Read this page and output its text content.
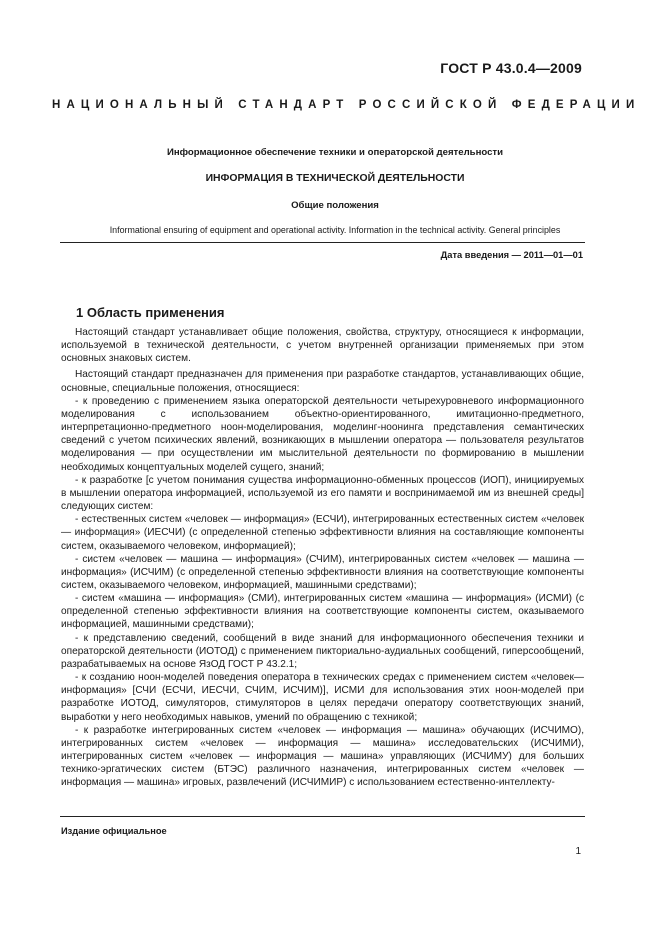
ГОСТ Р 43.0.4—2009
НАЦИОНАЛЬНЫЙ СТАНДАРТ РОССИЙСКОЙ ФЕДЕРАЦИИ
Информационное обеспечение техники и операторской деятельности
ИНФОРМАЦИЯ В ТЕХНИЧЕСКОЙ ДЕЯТЕЛЬНОСТИ
Общие положения
Informational ensuring of equipment and operational activity. Information in the technical activity. General principles
Дата введения — 2011—01—01
1 Область применения

Настоящий стандарт устанавливает общие положения, свойства, структуру, относящиеся к информации, используемой в технической деятельности, с учетом внутренней организации применяемых при этом основных знаковых систем.

Настоящий стандарт предназначен для применения при разработке стандартов, устанавливающих общие, основные, специальные положения, относящиеся:

- к проведению с применением языка операторской деятельности четырехуровневого информационного моделирования с использованием объектно-ориентированного, имитационно-предметного, интерпретационно-предметного ноон-моделирования, моделинг-ноонинга представления семантических сведений с учетом психических явлений, возникающих в мышлении оператора — пользователя результатов моделирования — при осуществлении им мыслительной деятельности по формированию в мышлении необходимых концептуальных моделей сущего, знаний;

- к разработке [с учетом понимания существа информационно-обменных процессов (ИОП), инициируемых в мышлении оператора информацией, используемой из его памяти и воспринимаемой им из внешней среды] следующих систем:

- естественных систем «человек — информация» (ЕСЧИ), интегрированных естественных систем «человек — информация» (ИЕСЧИ) (с определенной степенью эффективности влияния на составляющие компоненты систем, оказываемого человеком, информацией);

- систем «человек — машина — информация» (СЧИМ), интегрированных систем «человек — машина — информация» (ИСЧИМ) (с определенной степенью эффективности влияния на соответствующие компоненты систем, оказываемого человеком, информацией, машинными средствами);

- систем «машина — информация» (СМИ), интегрированных систем «машина — информация» (ИСМИ) (с определенной степенью эффективности влияния на соответствующие компоненты систем, оказываемого информацией, машинными средствами);

- к представлению сведений, сообщений в виде знаний для информационного обеспечения техники и операторской деятельности (ИОТОД) с применением пикториально-аудиальных сообщений, гиперсообщений, разрабатываемых на основе ЯзОД ГОСТ Р 43.2.1;

- к созданию ноон-моделей поведения оператора в технических средах с применением систем «человек—информация» [СЧИ (ЕСЧИ, ИЕСЧИ, СЧИМ, ИСЧИМ)], ИСМИ для использования этих ноон-моделей при разработке ИОТОД, симуляторов, стимуляторов в целях передачи оператору соответствующих знаний, выработки у него необходимых навыков, умений по обращению с техникой;

- к разработке интегрированных систем «человек — информация — машина» обучающих (ИСЧИМО), интегрированных систем «человек — информация — машина» исследовательских (ИСЧИМИ), интегрированных систем «человек — информация — машина» управляющих (ИСЧИМУ) для больших технико-эргатических систем (БТЭС) различного назначения, интегрированных систем «человек — информация — машина» игровых, развлечений (ИСЧИМИР) с использованием естественно-интеллекту-

Издание официальное
1
